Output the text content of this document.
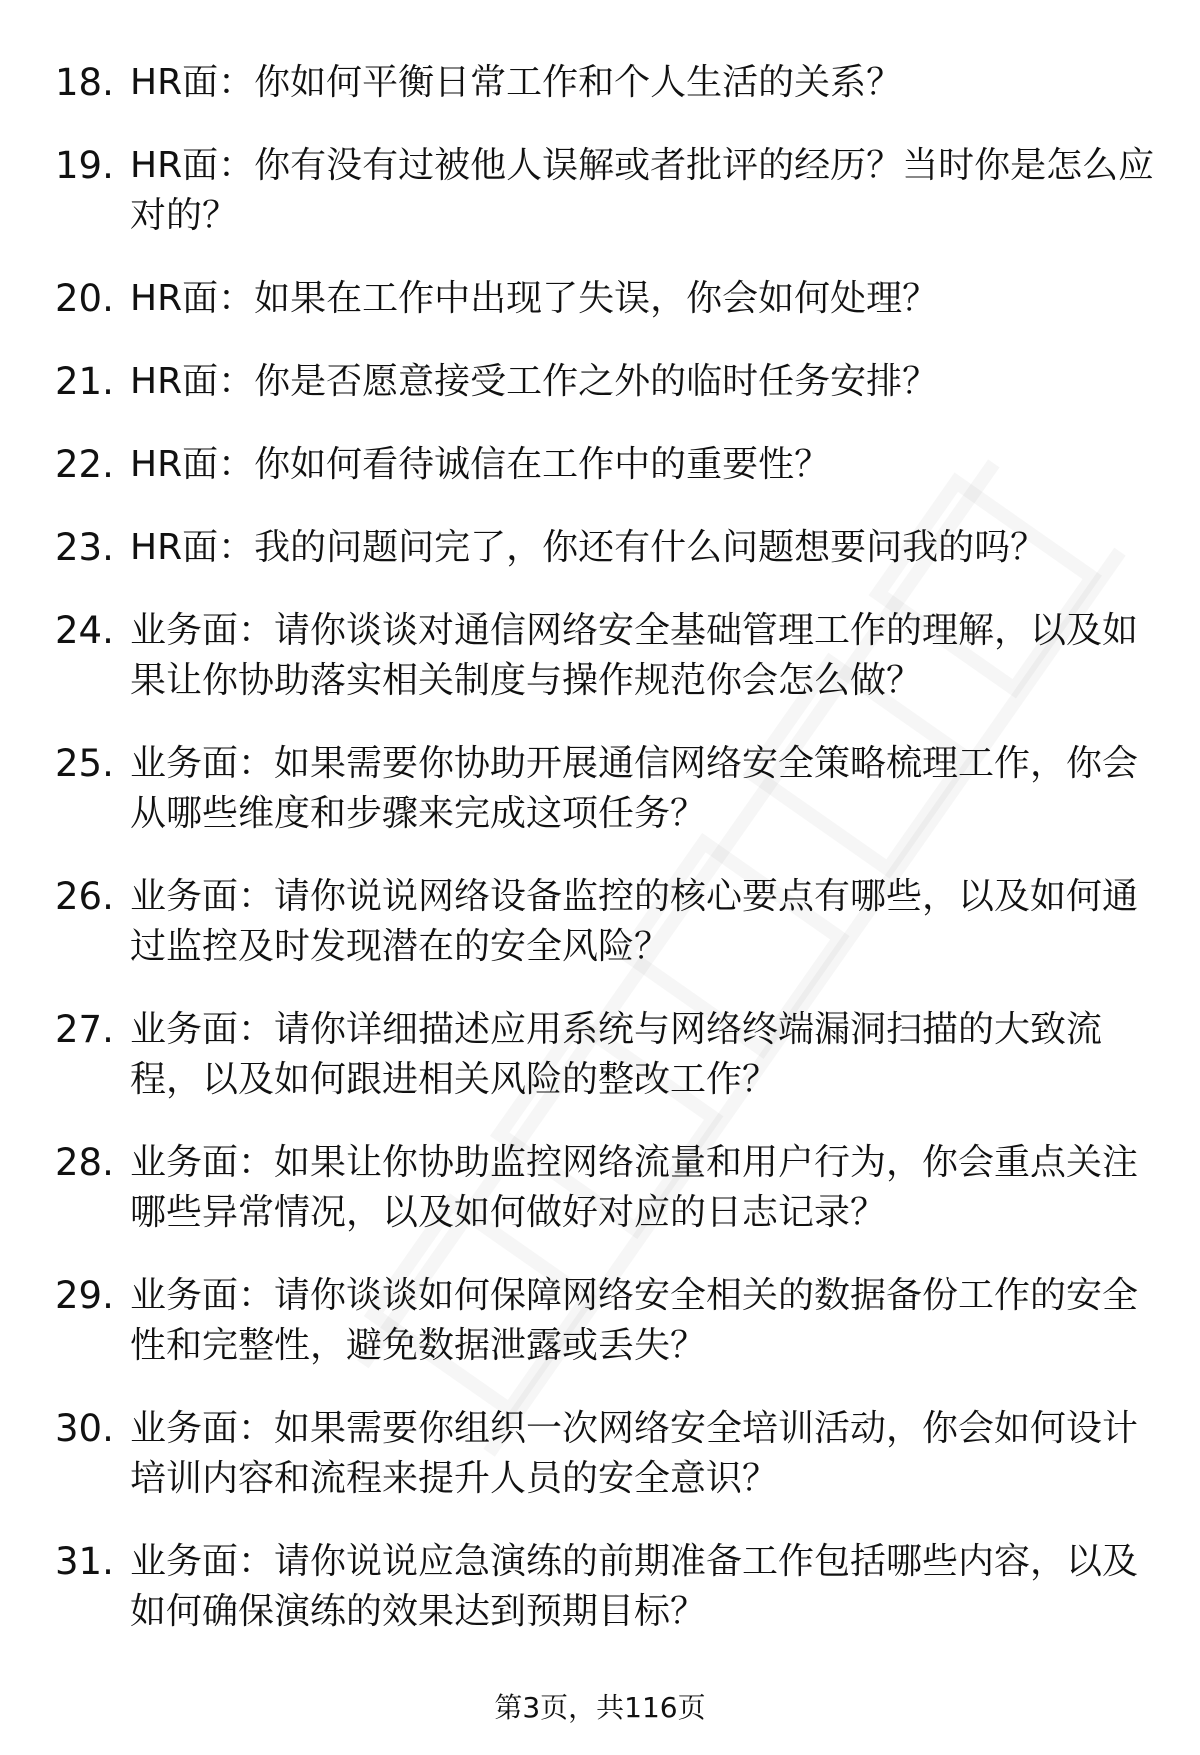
18. HR面：你如何平衡日常工作和个人生活的关系？
19. HR面：你有没有过被他人误解或者批评的经历？当时你是怎么应
对的？
20. HR面：如果在工作中出现了失误，你会如何处理？
21. HR面：你是否愿意接受工作之外的临时任务安排？
22. HR面：你如何看待诚信在工作中的重要性？
23. HR面：我的问题问完了，你还有什么问题想要问我的吗？
24. 业务面：请你谈谈对通信网络安全基础管理工作的理解，以及如
果让你协助落实相关制度与操作规范你会怎么做？
25. 业务面：如果需要你协助开展通信网络安全策略梳理工作，你会
从哪些维度和步骤来完成这项任务？
26. 业务面：请你说说网络设备监控的核心要点有哪些，以及如何通
过监控及时发现潜在的安全风险？
27. 业务面：请你详细描述应用系统与网络终端漏洞扫描的大致流
程，以及如何跟进相关风险的整改工作？
28. 业务面：如果让你协助监控网络流量和用户行为，你会重点关注
哪些异常情况，以及如何做好对应的日志记录？
29. 业务面：请你谈谈如何保障网络安全相关的数据备份工作的安全
性和完整性，避免数据泄露或丢失？
30. 业务面：如果需要你组织一次网络安全培训活动，你会如何设计
培训内容和流程来提升人员的安全意识？
31. 业务面：请你说说应急演练的前期准备工作包括哪些内容，以及
如何确保演练的效果达到预期目标？
第3页，共116页
